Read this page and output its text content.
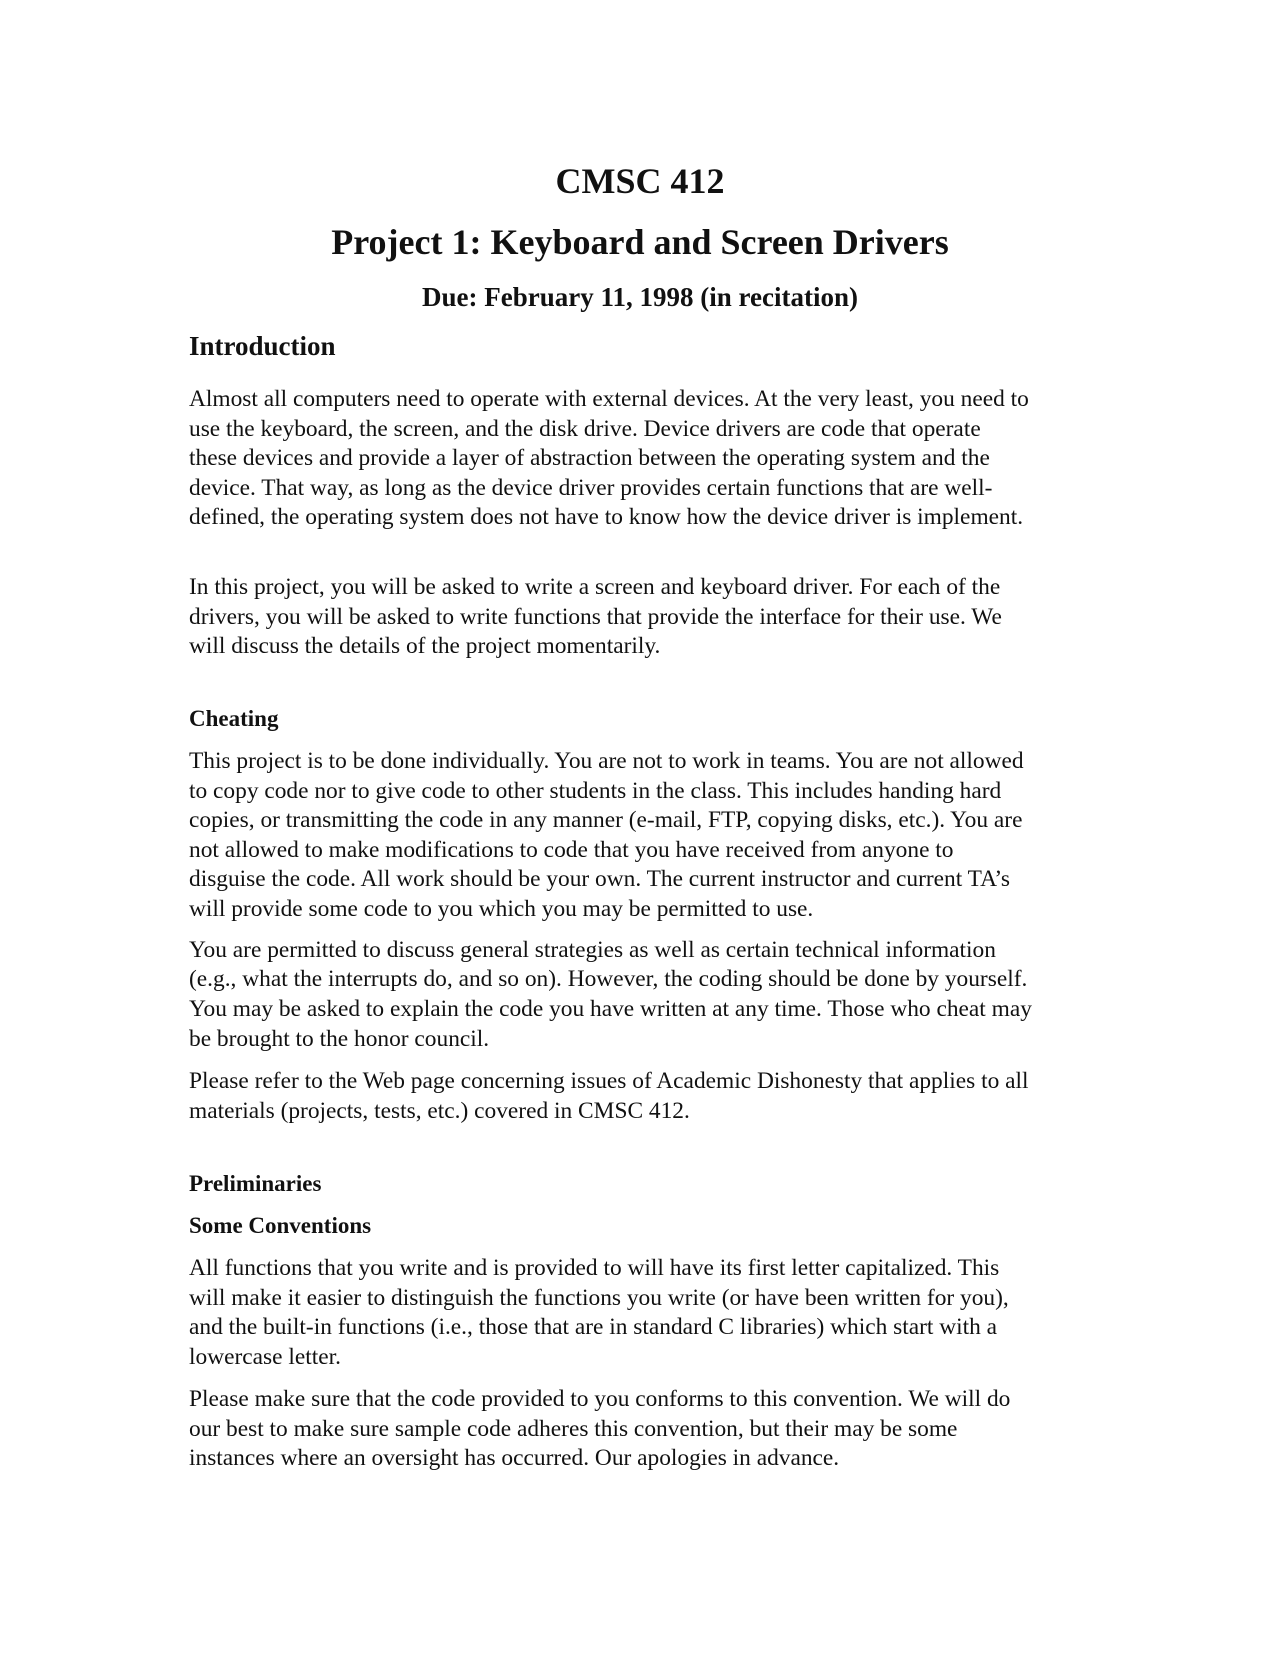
CMSC 412
Project 1: Keyboard and Screen Drivers
Due: February 11, 1998 (in recitation)
Introduction
Almost all computers need to operate with external devices. At the very least, you need to
use the keyboard, the screen, and the disk drive. Device drivers are code that operate
these devices and provide a layer of abstraction between the operating system and the
device. That way, as long as the device driver provides certain functions that are well-
defined, the operating system does not have to know how the device driver is implement.
In this project, you will be asked to write a screen and keyboard driver. For each of the
drivers, you will be asked to write functions that provide the interface for their use. We
will discuss the details of the project momentarily.
Cheating
This project is to be done individually. You are not to work in teams. You are not allowed
to copy code nor to give code to other students in the class. This includes handing hard
copies, or transmitting the code in any manner (e-mail, FTP, copying disks, etc.). You are
not allowed to make modifications to code that you have received from anyone to
disguise the code. All work should be your own. The current instructor and current TA’s
will provide some code to you which you may be permitted to use.
You are permitted to discuss general strategies as well as certain technical information
(e.g., what the interrupts do, and so on). However, the coding should be done by yourself.
You may be asked to explain the code you have written at any time. Those who cheat may
be brought to the honor council.
Please refer to the Web page concerning issues of Academic Dishonesty that applies to all
materials (projects, tests, etc.) covered in CMSC 412.
Preliminaries
Some Conventions
All functions that you write and is provided to will have its first letter capitalized. This
will make it easier to distinguish the functions you write (or have been written for you),
and the built-in functions (i.e., those that are in standard C libraries) which start with a
lowercase letter.
Please make sure that the code provided to you conforms to this convention. We will do
our best to make sure sample code adheres this convention, but their may be some
instances where an oversight has occurred. Our apologies in advance.
